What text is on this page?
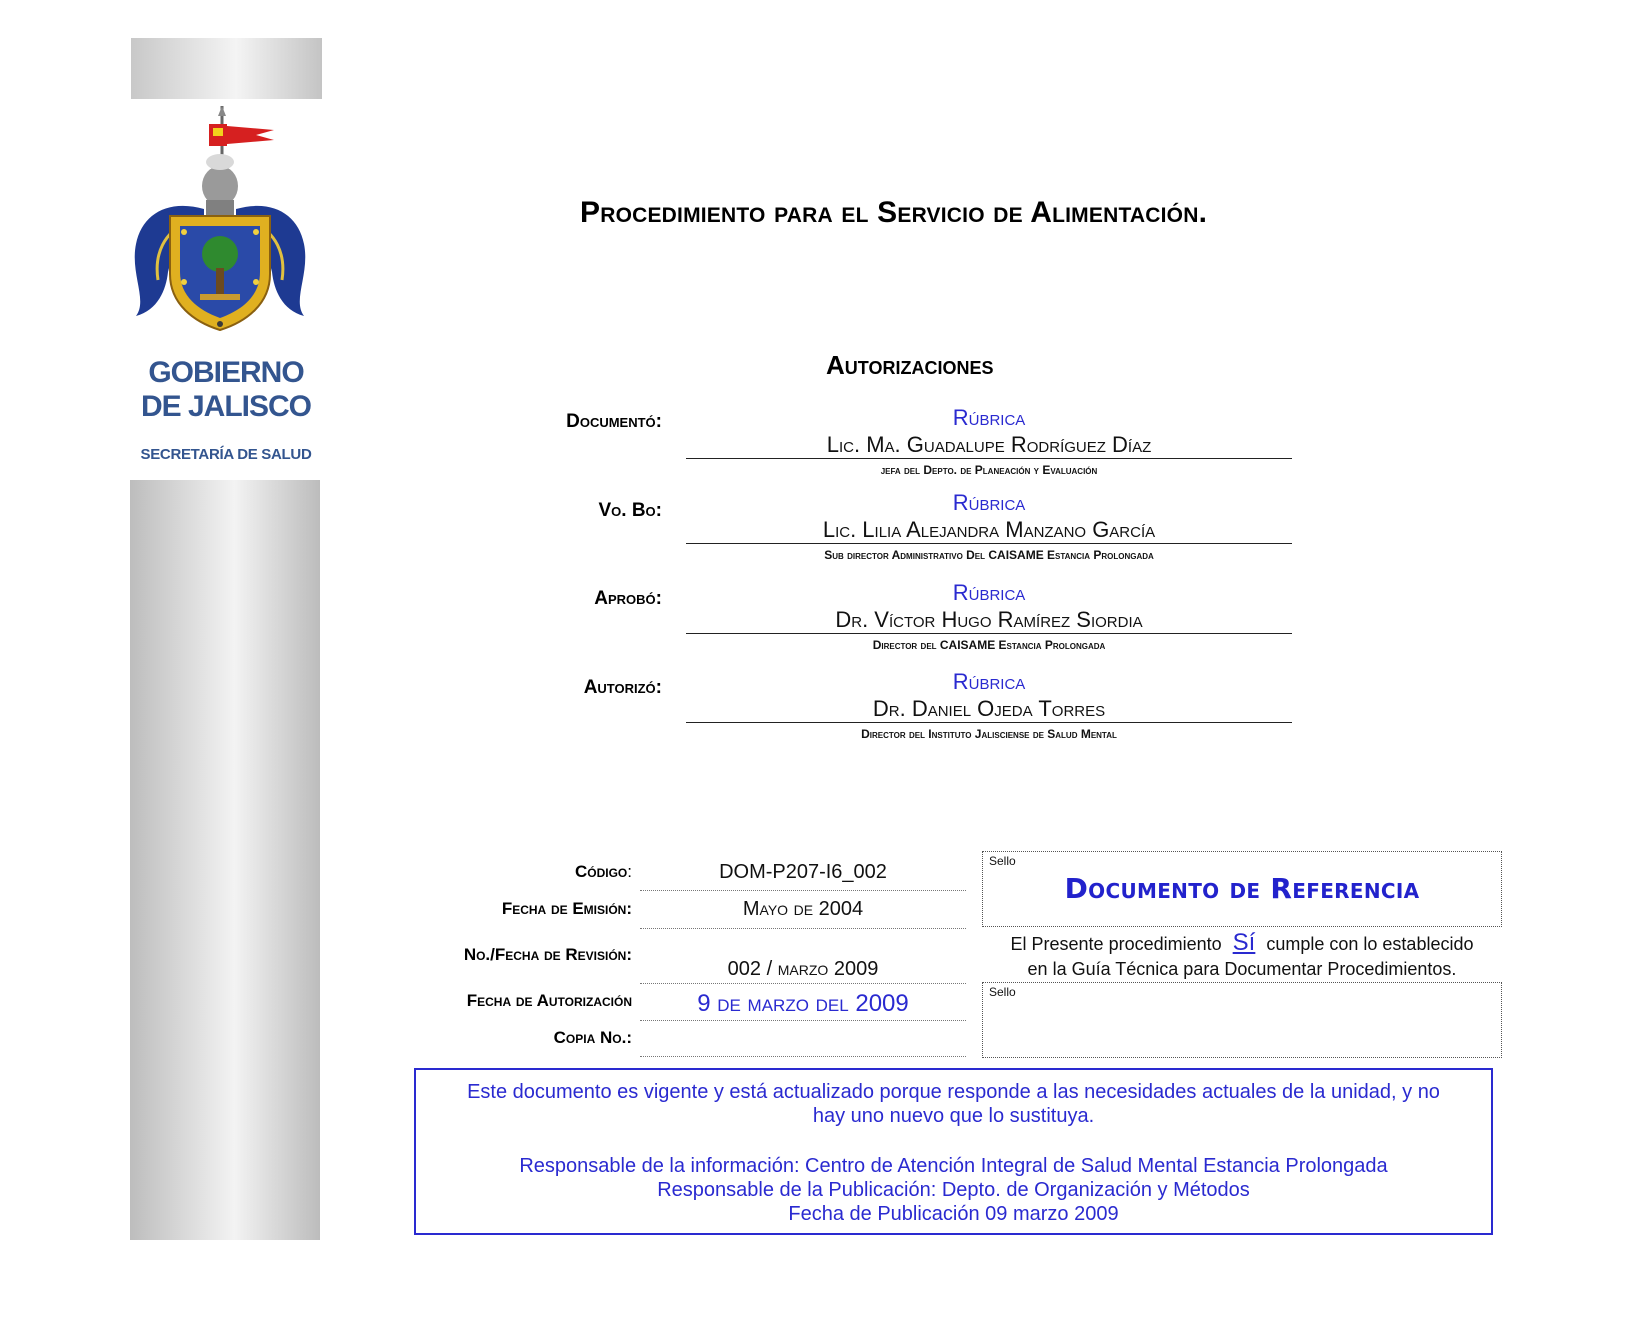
GOBIERNO
DE JALISCO
SECRETARÍA DE SALUD
Procedimiento para el Servicio de Alimentación.
Autorizaciones
Documentó:	Rúbrica
Lic. Ma. Guadalupe Rodríguez Díaz
jefa del Depto. de Planeación y Evaluación
Vo. Bo:	Rúbrica
Lic. Lilia Alejandra Manzano García
Sub director Administrativo Del CAISAME Estancia Prolongada
Aprobó:	Rúbrica
Dr. Víctor Hugo Ramírez Siordia
Director del CAISAME Estancia Prolongada
Autorizó:	Rúbrica
Dr. Daniel Ojeda Torres
Director del Instituto Jalisciense de Salud Mental
Código:	DOM-P207-I6_002
Fecha de Emisión:	Mayo de 2004
No./Fecha de Revisión:
002 / marzo 2009
Fecha de Autorización	9 de marzo del 2009
Copia No.:
Sello
Documento de Referencia
El Presente procedimiento Sí cumple con lo establecido
en la Guía Técnica para Documentar Procedimientos.
Sello
Este documento es vigente y está actualizado porque responde a las necesidades actuales de la unidad, y no
hay uno nuevo que lo sustituya.
Responsable de la información: Centro de Atención Integral de Salud Mental Estancia Prolongada
Responsable de la Publicación: Depto. de Organización y Métodos
Fecha de Publicación 09 marzo 2009
